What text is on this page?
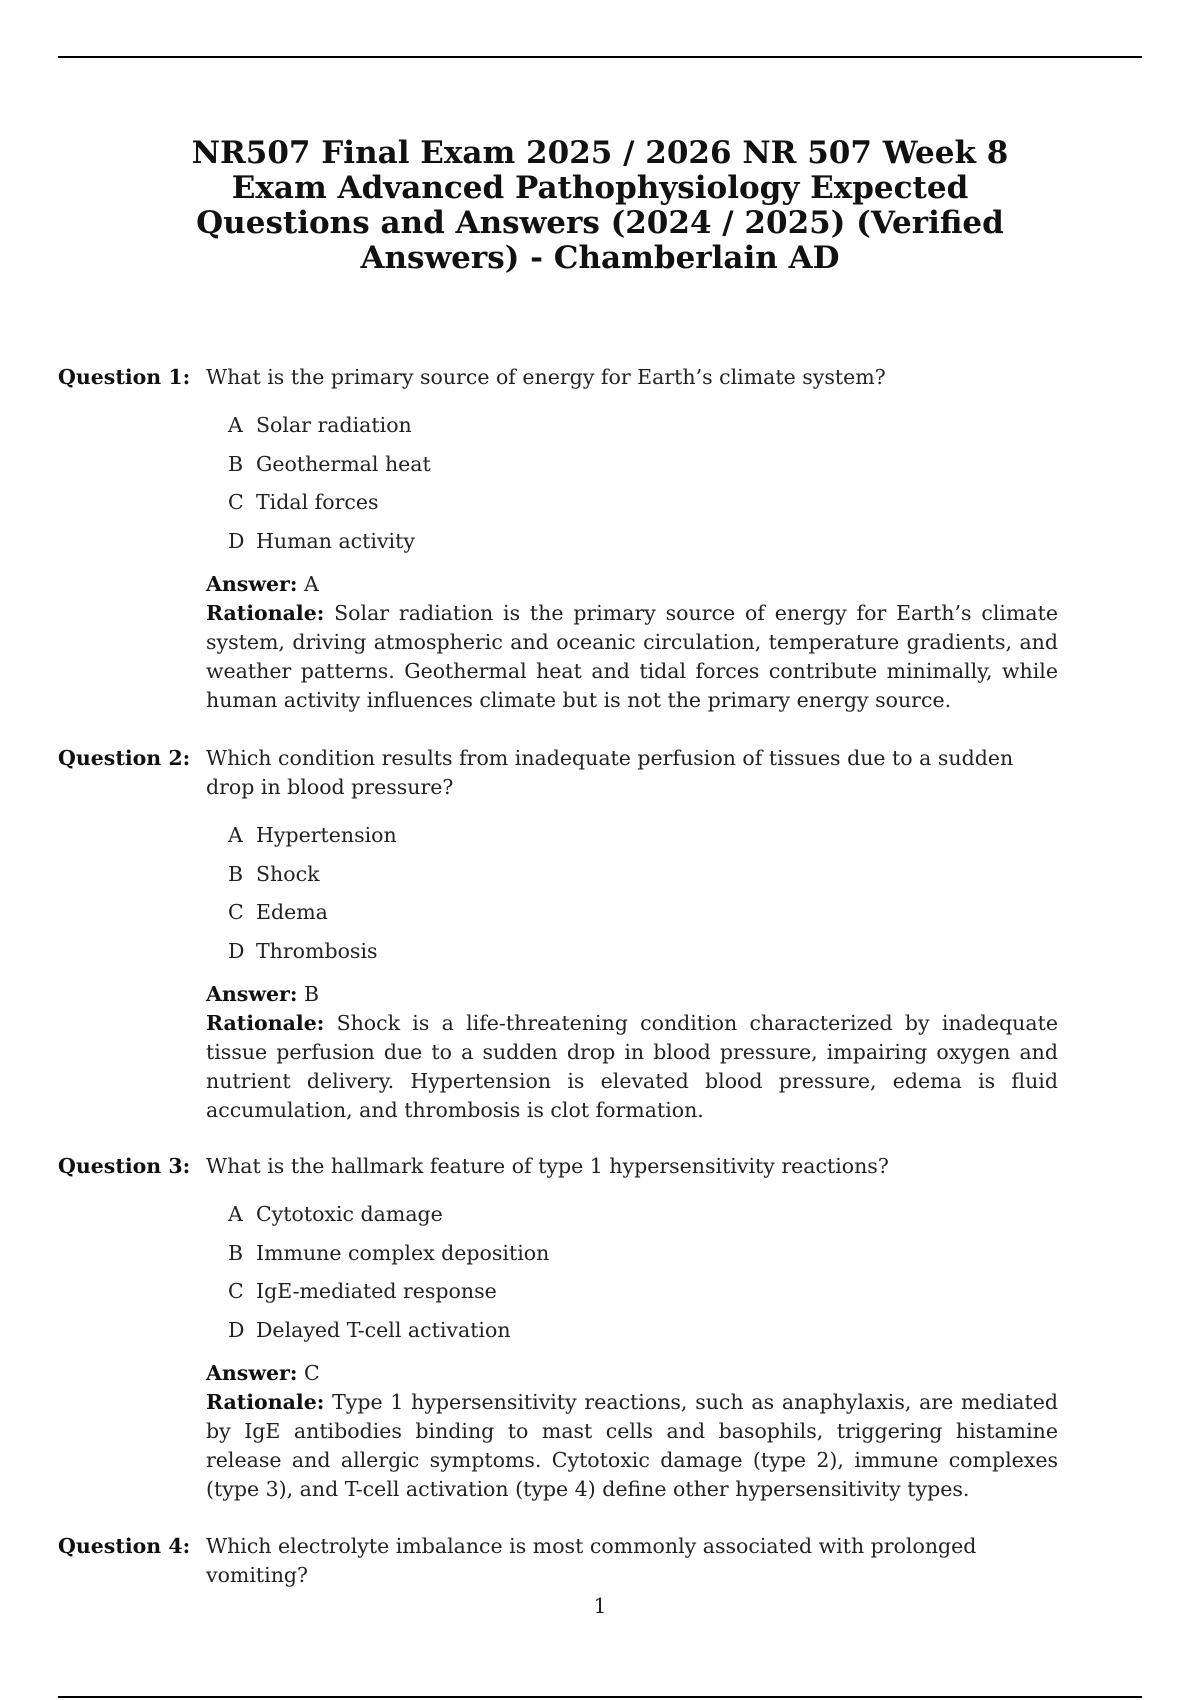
NR507 Final Exam 2025 / 2026 NR 507 Week 8 Exam Advanced Pathophysiology Expected Questions and Answers (2024 / 2025) (Verified Answers) - Chamberlain AD
Question 1: What is the primary source of energy for Earth’s climate system?
A Solar radiation
B Geothermal heat
C Tidal forces
D Human activity
Answer: A
Rationale: Solar radiation is the primary source of energy for Earth’s climate system, driving atmospheric and oceanic circulation, temperature gradients, and weather patterns. Geothermal heat and tidal forces contribute minimally, while human activity influences climate but is not the primary energy source.
Question 2: Which condition results from inadequate perfusion of tissues due to a sudden drop in blood pressure?
A Hypertension
B Shock
C Edema
D Thrombosis
Answer: B
Rationale: Shock is a life-threatening condition characterized by inadequate tissue perfusion due to a sudden drop in blood pressure, impairing oxygen and nutrient delivery. Hypertension is elevated blood pressure, edema is fluid accumulation, and thrombosis is clot formation.
Question 3: What is the hallmark feature of type 1 hypersensitivity reactions?
A Cytotoxic damage
B Immune complex deposition
C IgE-mediated response
D Delayed T-cell activation
Answer: C
Rationale: Type 1 hypersensitivity reactions, such as anaphylaxis, are mediated by IgE antibodies binding to mast cells and basophils, triggering histamine release and allergic symptoms. Cytotoxic damage (type 2), immune complexes (type 3), and T-cell activation (type 4) define other hypersensitivity types.
Question 4: Which electrolyte imbalance is most commonly associated with prolonged vomiting?
1
